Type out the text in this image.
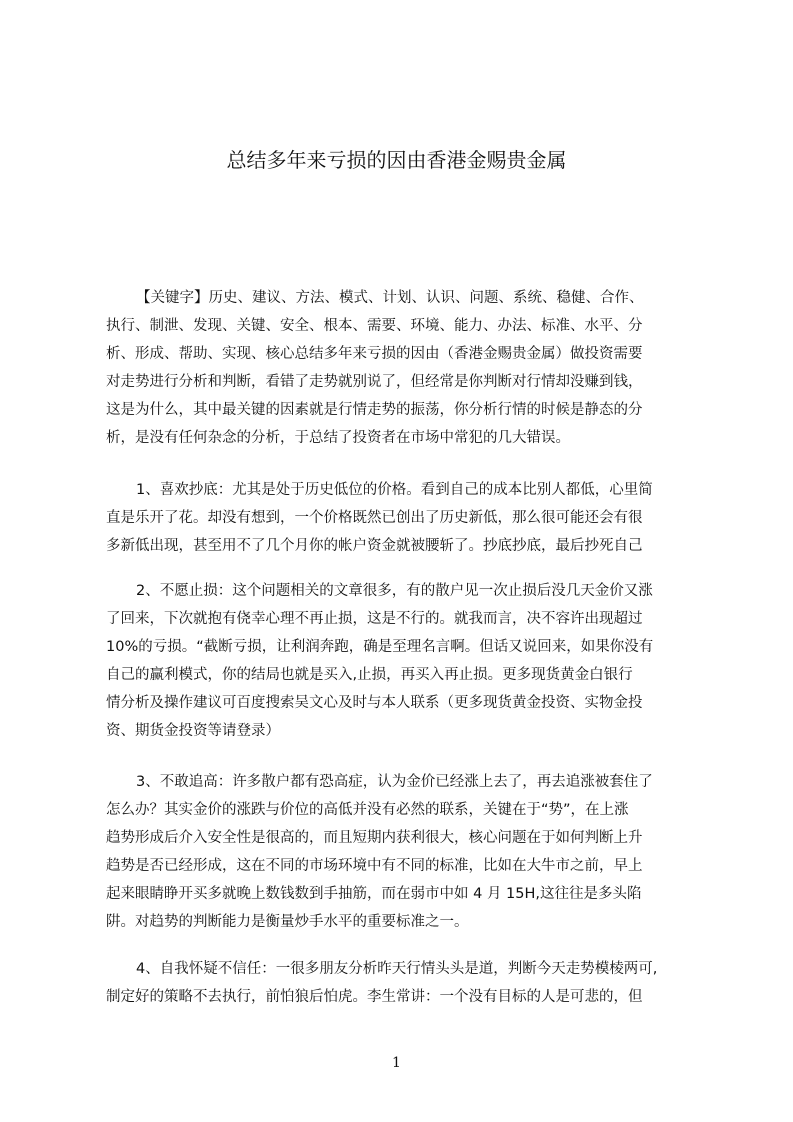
总结多年来亏损的因由香港金赐贵金属
【关键字】历史、建议、方法、模式、计划、认识、问题、系统、稳健、合作、
执行、制泄、发现、关键、安全、根本、需要、环境、能力、办法、标准、水平、分
析、形成、帮助、实现、核心总结多年来亏损的因由（香港金赐贵金属）做投资需要
对走势进行分析和判断，看错了走势就别说了，但经常是你判断对行情却没赚到钱，
这是为什么，其中最关键的因素就是行情走势的振荡，你分析行情的时候是静态的分
析，是没有任何杂念的分析，于总结了投资者在市场中常犯的几大错误。
1、喜欢抄底：尤其是处于历史低位的价格。看到自己的成本比别人都低，心里简
直是乐开了花。却没有想到，一个价格既然已创出了历史新低，那么很可能还会有很
多新低出现，甚至用不了几个月你的帐户资金就被腰斩了。抄底抄底，最后抄死自己
2、不愿止损：这个问题相关的文章很多，有的散户见一次止损后没几天金价又涨
了回来，下次就抱有侥幸心理不再止损，这是不行的。就我而言，决不容许出现超过
10%的亏损。“截断亏损，让利润奔跑，确是至理名言啊。但话又说回来，如果你没有
自己的赢利模式，你的结局也就是买入,止损，再买入再止损。更多现货黄金白银行
情分析及操作建议可百度搜索吴文心及时与本人联系（更多现货黄金投资、实物金投
资、期货金投资等请登录）
3、不敢追高：许多散户都有恐高症，认为金价已经涨上去了，再去追涨被套住了
怎么办？其实金价的涨跌与价位的高低并没有必然的联系，关键在于“势”，在上涨
趋势形成后介入安全性是很高的，而且短期内获利很大，核心问题在于如何判断上升
趋势是否已经形成，这在不同的市场环境中有不同的标准，比如在大牛市之前，早上
起来眼睛睁开买多就晚上数钱数到手抽筋，而在弱市中如 4 月 15H,这往往是多头陷
阱。对趋势的判断能力是衡量炒手水平的重要标准之一。
4、自我怀疑不信任：一很多朋友分析昨天行情头头是道，判断今天走势模棱两可,
制定好的策略不去执行，前怕狼后怕虎。李生常讲：一个没有目标的人是可悲的，但
1
